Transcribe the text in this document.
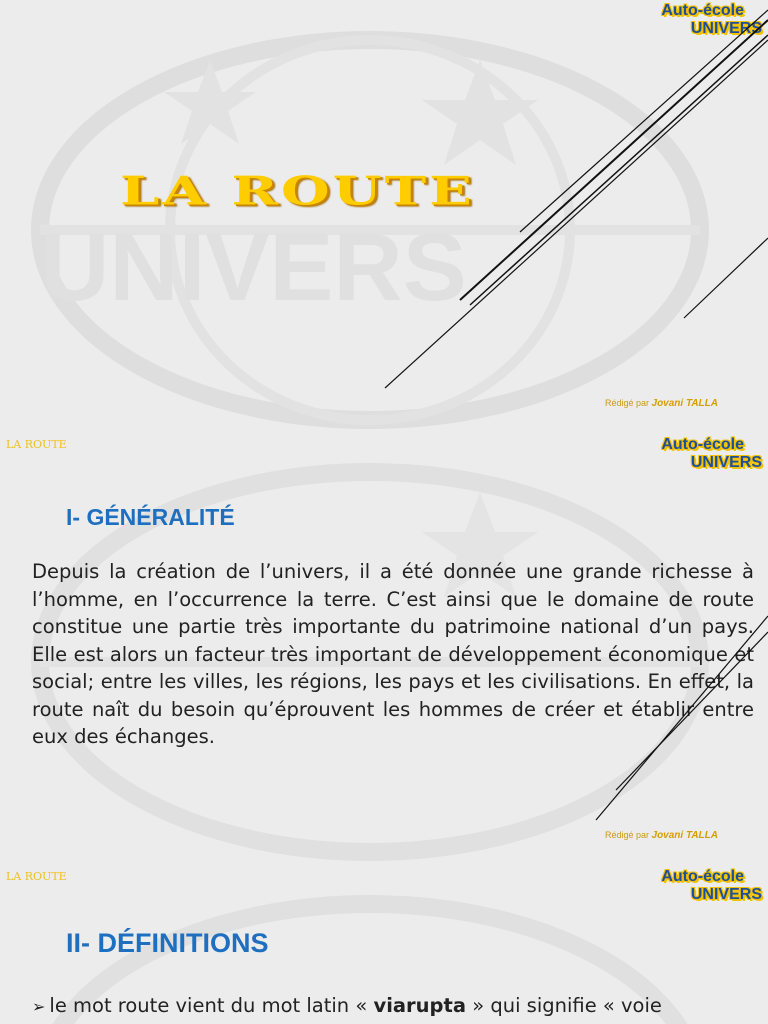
UNIVERS
Auto-école
UNIVERS
LA ROUTE
Rédigé par Jovani TALLA
LA ROUTE	Auto-école
UNIVERS
I- GÉNÉRALITÉ
Depuis la création de l’univers, il a été donnée une grande richesse à l’homme, en l’occurrence la terre. C’est ainsi que le domaine de route constitue une partie très importante du patrimoine national d’un pays. Elle est alors un facteur très important de développement économique et social; entre les villes, les régions, les pays et les civilisations. En effet, la route naît du besoin qu’éprouvent les hommes de créer et établir entre eux des échanges.
Rédigé par Jovani TALLA
LA ROUTE	Auto-école
UNIVERS
II- DÉFINITIONS
➢ le mot route vient du mot latin « viarupta » qui signifie « voie
